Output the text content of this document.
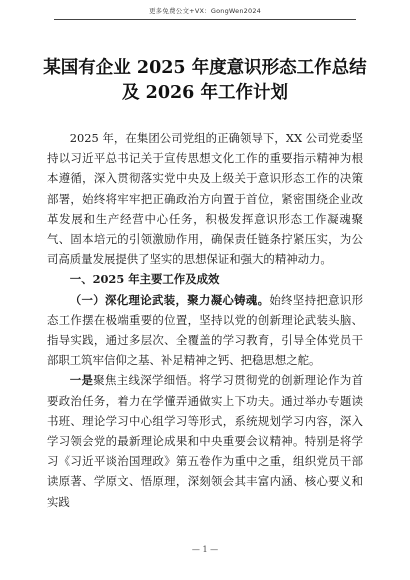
更多免费公文+VX：GongWen2024
某国有企业 2025 年度意识形态工作总结
及 2026 年工作计划

2025 年，在集团公司党组的正确领导下，XX 公司党委坚持以习近平总书记关于宣传思想文化工作的重要指示精神为根本遵循，深入贯彻落实党中央及上级关于意识形态工作的决策部署，始终将牢牢把正确政治方向置于首位，紧密围绕企业改革发展和生产经营中心任务，积极发挥意识形态工作凝魂聚气、固本培元的引领激励作用，确保责任链条拧紧压实，为公司高质量发展提供了坚实的思想保证和强大的精神动力。

一、2025 年主要工作及成效

（一）深化理论武装，聚力凝心铸魂。始终坚持把意识形态工作摆在极端重要的位置，坚持以党的创新理论武装头脑、指导实践，通过多层次、全覆盖的学习教育，引导全体党员干部职工筑牢信仰之基、补足精神之钙、把稳思想之舵。

一是聚焦主线深学细悟。将学习贯彻党的创新理论作为首要政治任务，着力在学懂弄通做实上下功夫。通过举办专题读书班、理论学习中心组学习等形式，系统规划学习内容，深入学习领会党的最新理论成果和中央重要会议精神。特别是将学习《习近平谈治国理政》第五卷作为重中之重，组织党员干部读原著、学原文、悟原理，深刻领会其丰富内涵、核心要义和实践

— 1 —
